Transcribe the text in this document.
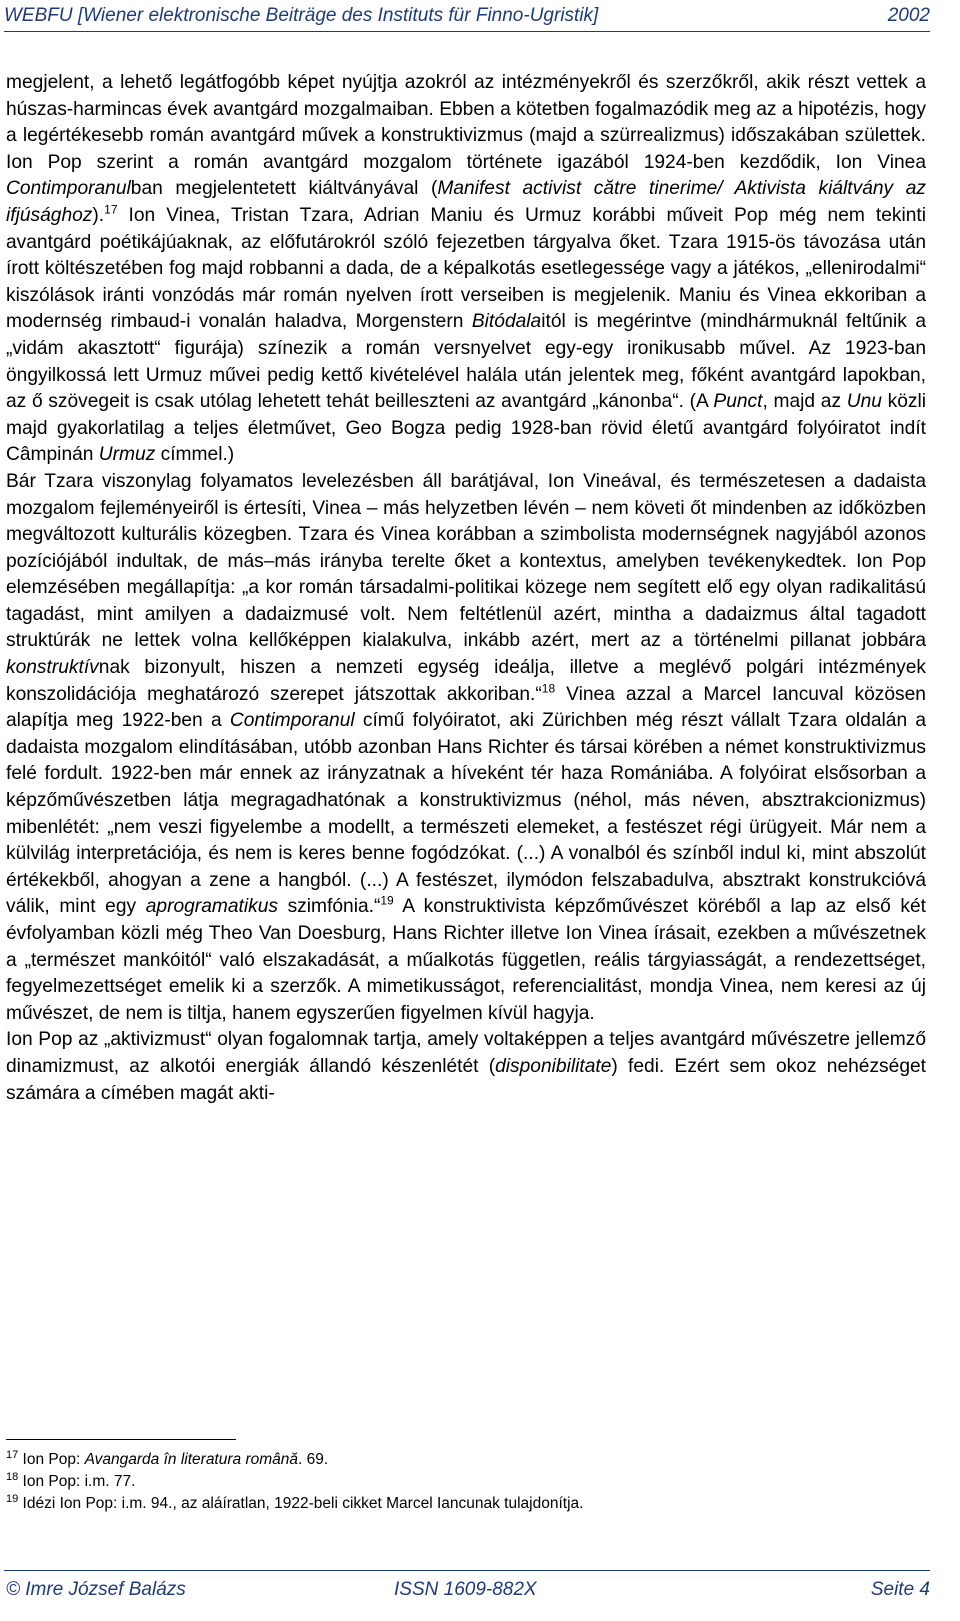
WEBFU [Wiener elektronische Beiträge des Instituts für Finno-Ugristik]	2002

megjelent, a lehető legátfogóbb képet nyújtja azokról az intézményekről és szerzőkről, akik részt vettek a húszas-harmincas évek avantgárd mozgalmaiban. Ebben a kötetben fogalmazódik meg az a hipotézis, hogy a legértékesebb román avantgárd művek a konstruktivizmus (majd a szürrealizmus) időszakában születtek. Ion Pop szerint a román avantgárd mozgalom története igazából 1924-ben kezdődik, Ion Vinea Contimporanulban megjelentetett kiáltványával (Manifest activist către tinerime/ Aktivista kiáltvány az ifjúsághoz).$^{17}$ Ion Vinea, Tristan Tzara, Adrian Maniu és Urmuz korábbi műveit Pop még nem tekinti avantgárd poétikájúaknak, az előfutárokról szóló fejezetben tárgyalva őket. Tzara 1915-ös távozása után írott költészetében fog majd robbanni a dada, de a képalkotás esetlegessége vagy a játékos, „ellenirodalmi“ kiszólások iránti vonzódás már román nyelven írott verseiben is megjelenik. Maniu és Vinea ekkoriban a modernség rimbaud-i vonalán haladva, Morgenstern Bitódalaitól is megérintve (mindhármuknál feltűnik a „vidám akasztott“ figurája) színezik a román versnyelvet egy-egy ironikusabb művel. Az 1923-ban öngyilkossá lett Urmuz művei pedig kettő kivételével halála után jelentek meg, főként avantgárd lapokban, az ő szövegeit is csak utólag lehetett tehát beilleszteni az avantgárd „kánonba“. (A Punct, majd az Unu közli majd gyakorlatilag a teljes életművet, Geo Bogza pedig 1928-ban rövid életű avantgárd folyóiratot indít Câmpinán Urmuz címmel.)

Bár Tzara viszonylag folyamatos levelezésben áll barátjával, Ion Vineával, és természetesen a dadaista mozgalom fejleményeiről is értesíti, Vinea – más helyzetben lévén – nem követi őt mindenben az időközben megváltozott kulturális közegben. Tzara és Vinea korábban a szimbolista modernségnek nagyjából azonos pozíciójából indultak, de más–más irányba terelte őket a kontextus, amelyben tevékenykedtek. Ion Pop elemzésében megállapítja: „a kor román társadalmi-politikai közege nem segített elő egy olyan radikalitású tagadást, mint amilyen a dadaizmusé volt. Nem feltétlenül azért, mintha a dadaizmus által tagadott struktúrák ne lettek volna kellőképpen kialakulva, inkább azért, mert az a történelmi pillanat jobbára konstruktívnak bizonyult, hiszen a nemzeti egység ideálja, illetve a meglévő polgári intézmények konszolidációja meghatározó szerepet játszottak akkoriban.“$^{18}$ Vinea azzal a Marcel Iancuval közösen alapítja meg 1922-ben a Contimporanul című folyóiratot, aki Zürichben még részt vállalt Tzara oldalán a dadaista mozgalom elindításában, utóbb azonban Hans Richter és társai körében a német konstruktivizmus felé fordult. 1922-ben már ennek az irányzatnak a híveként tér haza Romániába. A folyóirat elsősorban a képzőművészetben látja megragadhatónak a konstruktivizmus (néhol, más néven, absztrakcionizmus) mibenlétét: „nem veszi figyelembe a modellt, a természeti elemeket, a festészet régi ürügyeit. Már nem a külvilág interpretációja, és nem is keres benne fogódzókat. (...) A vonalból és színből indul ki, mint abszolút értékekből, ahogyan a zene a hangból. (...) A festészet, ilymódon felszabadulva, absztrakt konstrukcióvá válik, mint egy aprogramatikus szimfónia.“$^{19}$ A konstruktivista képzőművészet köréből a lap az első két évfolyamban közli még Theo Van Doesburg, Hans Richter illetve Ion Vinea írásait, ezekben a művészetnek a „természet mankóitól“ való elszakadását, a műalkotás független, reális tárgyiasságát, a rendezettséget, fegyelmezettséget emelik ki a szerzők. A mimetikusságot, referencialitást, mondja Vinea, nem keresi az új művészet, de nem is tiltja, hanem egyszerűen figyelmen kívül hagyja.

Ion Pop az „aktivizmust“ olyan fogalomnak tartja, amely voltaképpen a teljes avantgárd művészetre jellemző dinamizmust, az alkotói energiák állandó készenlétét (disponibilitate) fedi. Ezért sem okoz nehézséget számára a címében magát akti-

$^{17}$ Ion Pop: Avangarda în literatura română. 69.
$^{18}$ Ion Pop: i.m. 77.
$^{19}$ Idézi Ion Pop: i.m. 94., az aláíratlan, 1922-beli cikket Marcel Iancunak tulajdonítja.
© Imre József Balázs	ISSN 1609-882X	Seite 4
